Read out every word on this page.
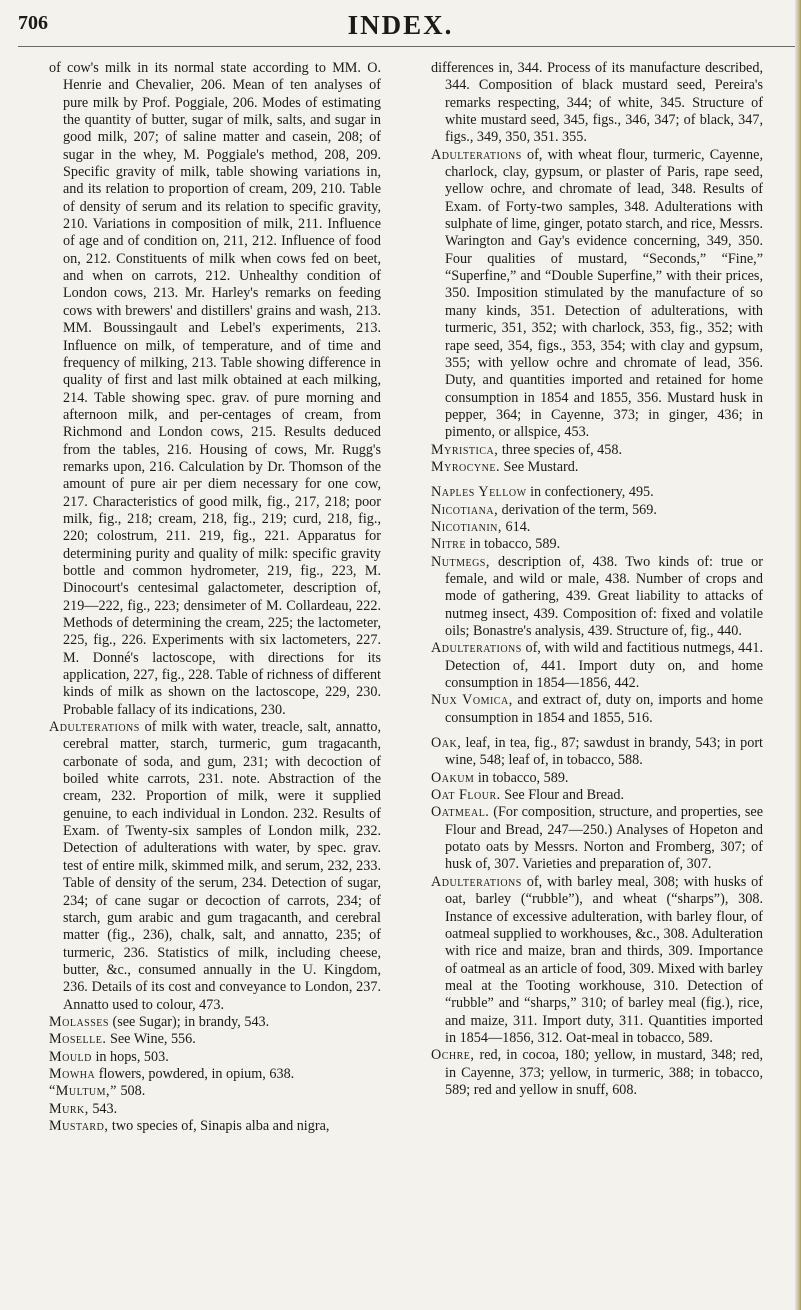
706	INDEX.

of cow's milk in its normal state according to MM. O. Henrie and Chevalier, 206. Mean of ten analyses of pure milk by Prof. Poggiale, 206. Modes of estimating the quantity of butter, sugar of milk, salts, and sugar in good milk, 207; of saline matter and casein, 208; of sugar in the whey, M. Poggiale's method, 208, 209. Specific gravity of milk, table showing variations in, and its relation to proportion of cream, 209, 210. Table of density of serum and its relation to specific gravity, 210. Variations in composition of milk, 211. Influence of age and of condition on, 211, 212. Influence of food on, 212. Constituents of milk when cows fed on beet, and when on carrots, 212. Unhealthy condition of London cows, 213. Mr. Harley's remarks on feeding cows with brewers' and distillers' grains and wash, 213. MM. Boussingault and Lebel's experiments, 213. Influence on milk, of temperature, and of time and frequency of milking, 213. Table showing difference in quality of first and last milk obtained at each milking, 214. Table showing spec. grav. of pure morning and afternoon milk, and per-centages of cream, from Richmond and London cows, 215. Results deduced from the tables, 216. Housing of cows, Mr. Rugg's remarks upon, 216. Calculation by Dr. Thomson of the amount of pure air per diem necessary for one cow, 217. Characteristics of good milk, fig., 217, 218; poor milk, fig., 218; cream, 218, fig., 219; curd, 218, fig., 220; colostrum, 211. 219, fig., 221. Apparatus for determining purity and quality of milk: specific gravity bottle and common hydrometer, 219, fig., 223, M. Dinocourt's centesimal galactometer, description of, 219—222, fig., 223; densimeter of M. Collardeau, 222. Methods of determining the cream, 225; the lactometer, 225, fig., 226. Experiments with six lactometers, 227. M. Donné's lactoscope, with directions for its application, 227, fig., 228. Table of richness of different kinds of milk as shown on the lactoscope, 229, 230. Probable fallacy of its indications, 230.

Adulterations of milk with water, treacle, salt, annatto, cerebral matter, starch, turmeric, gum tragacanth, carbonate of soda, and gum, 231; with decoction of boiled white carrots, 231. note. Abstraction of the cream, 232. Proportion of milk, were it supplied genuine, to each individual in London. 232. Results of Exam. of Twenty-six samples of London milk, 232. Detection of adulterations with water, by spec. grav. test of entire milk, skimmed milk, and serum, 232, 233. Table of density of the serum, 234. Detection of sugar, 234; of cane sugar or decoction of carrots, 234; of starch, gum arabic and gum tragacanth, and cerebral matter (fig., 236), chalk, salt, and annatto, 235; of turmeric, 236. Statistics of milk, including cheese, butter, &c., consumed annually in the U. Kingdom, 236. Details of its cost and conveyance to London, 237. Annatto used to colour, 473.

Molasses (see Sugar); in brandy, 543.

Moselle. See Wine, 556.

Mould in hops, 503.

Mowha flowers, powdered, in opium, 638.

“Multum,” 508.

Murk, 543.

Mustard, two species of, Sinapis alba and nigra,

differences in, 344. Process of its manufacture described, 344. Composition of black mustard seed, Pereira's remarks respecting, 344; of white, 345. Structure of white mustard seed, 345, figs., 346, 347; of black, 347, figs., 349, 350, 351. 355.

Adulterations of, with wheat flour, turmeric, Cayenne, charlock, clay, gypsum, or plaster of Paris, rape seed, yellow ochre, and chromate of lead, 348. Results of Exam. of Forty-two samples, 348. Adulterations with sulphate of lime, ginger, potato starch, and rice, Messrs. Warington and Gay's evidence concerning, 349, 350. Four qualities of mustard, “Seconds,” “Fine,” “Superfine,” and “Double Superfine,” with their prices, 350. Imposition stimulated by the manufacture of so many kinds, 351. Detection of adulterations, with turmeric, 351, 352; with charlock, 353, fig., 352; with rape seed, 354, figs., 353, 354; with clay and gypsum, 355; with yellow ochre and chromate of lead, 356. Duty, and quantities imported and retained for home consumption in 1854 and 1855, 356. Mustard husk in pepper, 364; in Cayenne, 373; in ginger, 436; in pimento, or allspice, 453.

Myristica, three species of, 458.

Myrocyne. See Mustard.

Naples Yellow in confectionery, 495.

Nicotiana, derivation of the term, 569.

Nicotianin, 614.

Nitre in tobacco, 589.

Nutmegs, description of, 438. Two kinds of: true or female, and wild or male, 438. Number of crops and mode of gathering, 439. Great liability to attacks of nutmeg insect, 439. Composition of: fixed and volatile oils; Bonastre's analysis, 439. Structure of, fig., 440.

Adulterations of, with wild and factitious nutmegs, 441. Detection of, 441. Import duty on, and home consumption in 1854—1856, 442.

Nux Vomica, and extract of, duty on, imports and home consumption in 1854 and 1855, 516.

Oak, leaf, in tea, fig., 87; sawdust in brandy, 543; in port wine, 548; leaf of, in tobacco, 588.

Oakum in tobacco, 589.

Oat Flour. See Flour and Bread.

Oatmeal. (For composition, structure, and properties, see Flour and Bread, 247—250.) Analyses of Hopeton and potato oats by Messrs. Norton and Fromberg, 307; of husk of, 307. Varieties and preparation of, 307.

Adulterations of, with barley meal, 308; with husks of oat, barley (“rubble”), and wheat (“sharps”), 308. Instance of excessive adulteration, with barley flour, of oatmeal supplied to workhouses, &c., 308. Adulteration with rice and maize, bran and thirds, 309. Importance of oatmeal as an article of food, 309. Mixed with barley meal at the Tooting workhouse, 310. Detection of “rubble” and “sharps,” 310; of barley meal (fig.), rice, and maize, 311. Import duty, 311. Quantities imported in 1854—1856, 312. Oat-meal in tobacco, 589.

Ochre, red, in cocoa, 180; yellow, in mustard, 348; red, in Cayenne, 373; yellow, in turmeric, 388; in tobacco, 589; red and yellow in snuff, 608.
